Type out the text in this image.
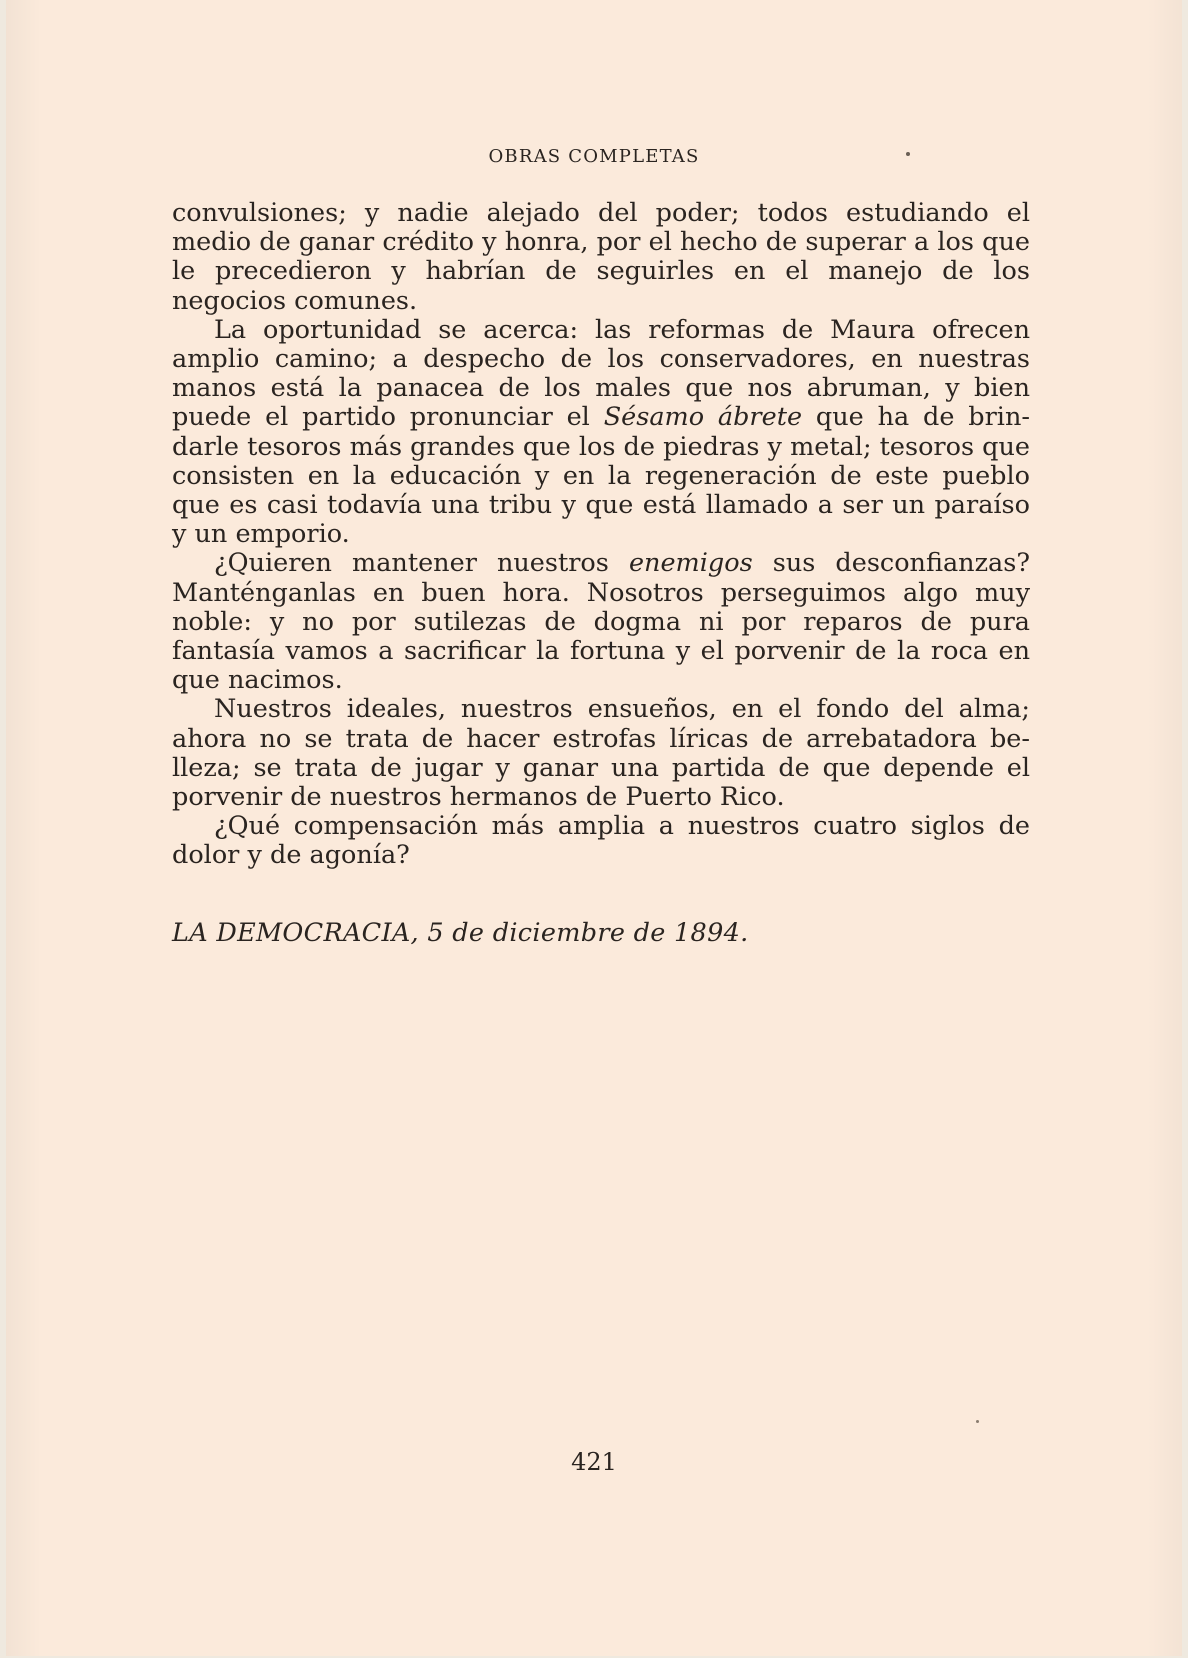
OBRAS COMPLETAS

convulsiones; y nadie alejado del poder; todos estudiando el medio de ganar crédito y honra, por el hecho de superar a los que le precedieron y habrían de seguirles en el manejo de los negocios comunes.

La oportunidad se acerca: las reformas de Maura ofrecen amplio camino; a despecho de los conservadores, en nuestras manos está la panacea de los males que nos abruman, y bien puede el partido pronunciar el Sésamo ábrete que ha de brindarle tesoros más grandes que los de piedras y metal; tesoros que consisten en la educación y en la regeneración de este pueblo que es casi todavía una tribu y que está llamado a ser un paraíso y un emporio.

¿Quieren mantener nuestros enemigos sus desconfianzas? Manténganlas en buen hora. Nosotros perseguimos algo muy noble: y no por sutilezas de dogma ni por reparos de pura fantasía vamos a sacrificar la fortuna y el porvenir de la roca en que nacimos.

Nuestros ideales, nuestros ensueños, en el fondo del alma; ahora no se trata de hacer estrofas líricas de arrebatadora belleza; se trata de jugar y ganar una partida de que depende el porvenir de nuestros hermanos de Puerto Rico.

¿Qué compensación más amplia a nuestros cuatro siglos de dolor y de agonía?

LA DEMOCRACIA, 5 de diciembre de 1894.
421
